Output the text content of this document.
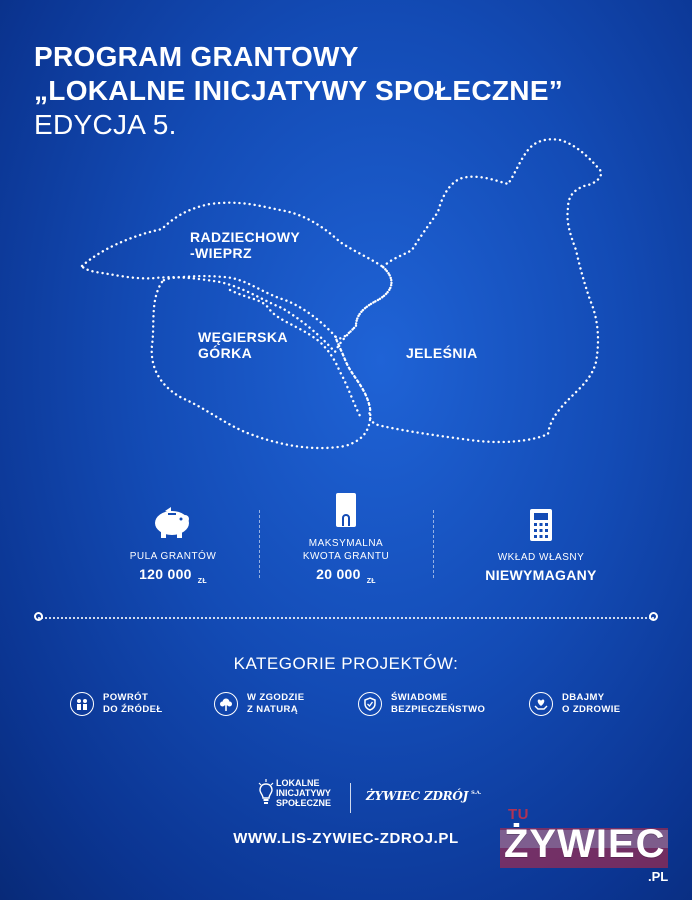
PROGRAM GRANTOWY
„LOKALNE INICJATYWY SPOŁECZNE”
EDYCJA 5.
RADZIECHOWY
-WIEPRZ
WĘGIERSKA
GÓRKA	JELEŚNIA
PULA GRANTÓW
120 000 $_{ZŁ}$
MAKSYMALNA
KWOTA GRANTU
20 000 $_{ZŁ}$
WKŁAD WŁASNY
NIEWYMAGANY
KATEGORIE PROJEKTÓW:
POWRÓT
DO ŹRÓDEŁ
W ZGODZIE
Z NATURĄ
ŚWIADOME
BEZPIECZEŃSTWO
DBAJMY
O ZDROWIE
LOKALNE
INICJATYWY
SPOŁECZNE	ŻYWIEC ZDRÓJ $^{S.A.}$
WWW.LIS-ZYWIEC-ZDROJ.PL
TU
ŻYWIEC
.PL
